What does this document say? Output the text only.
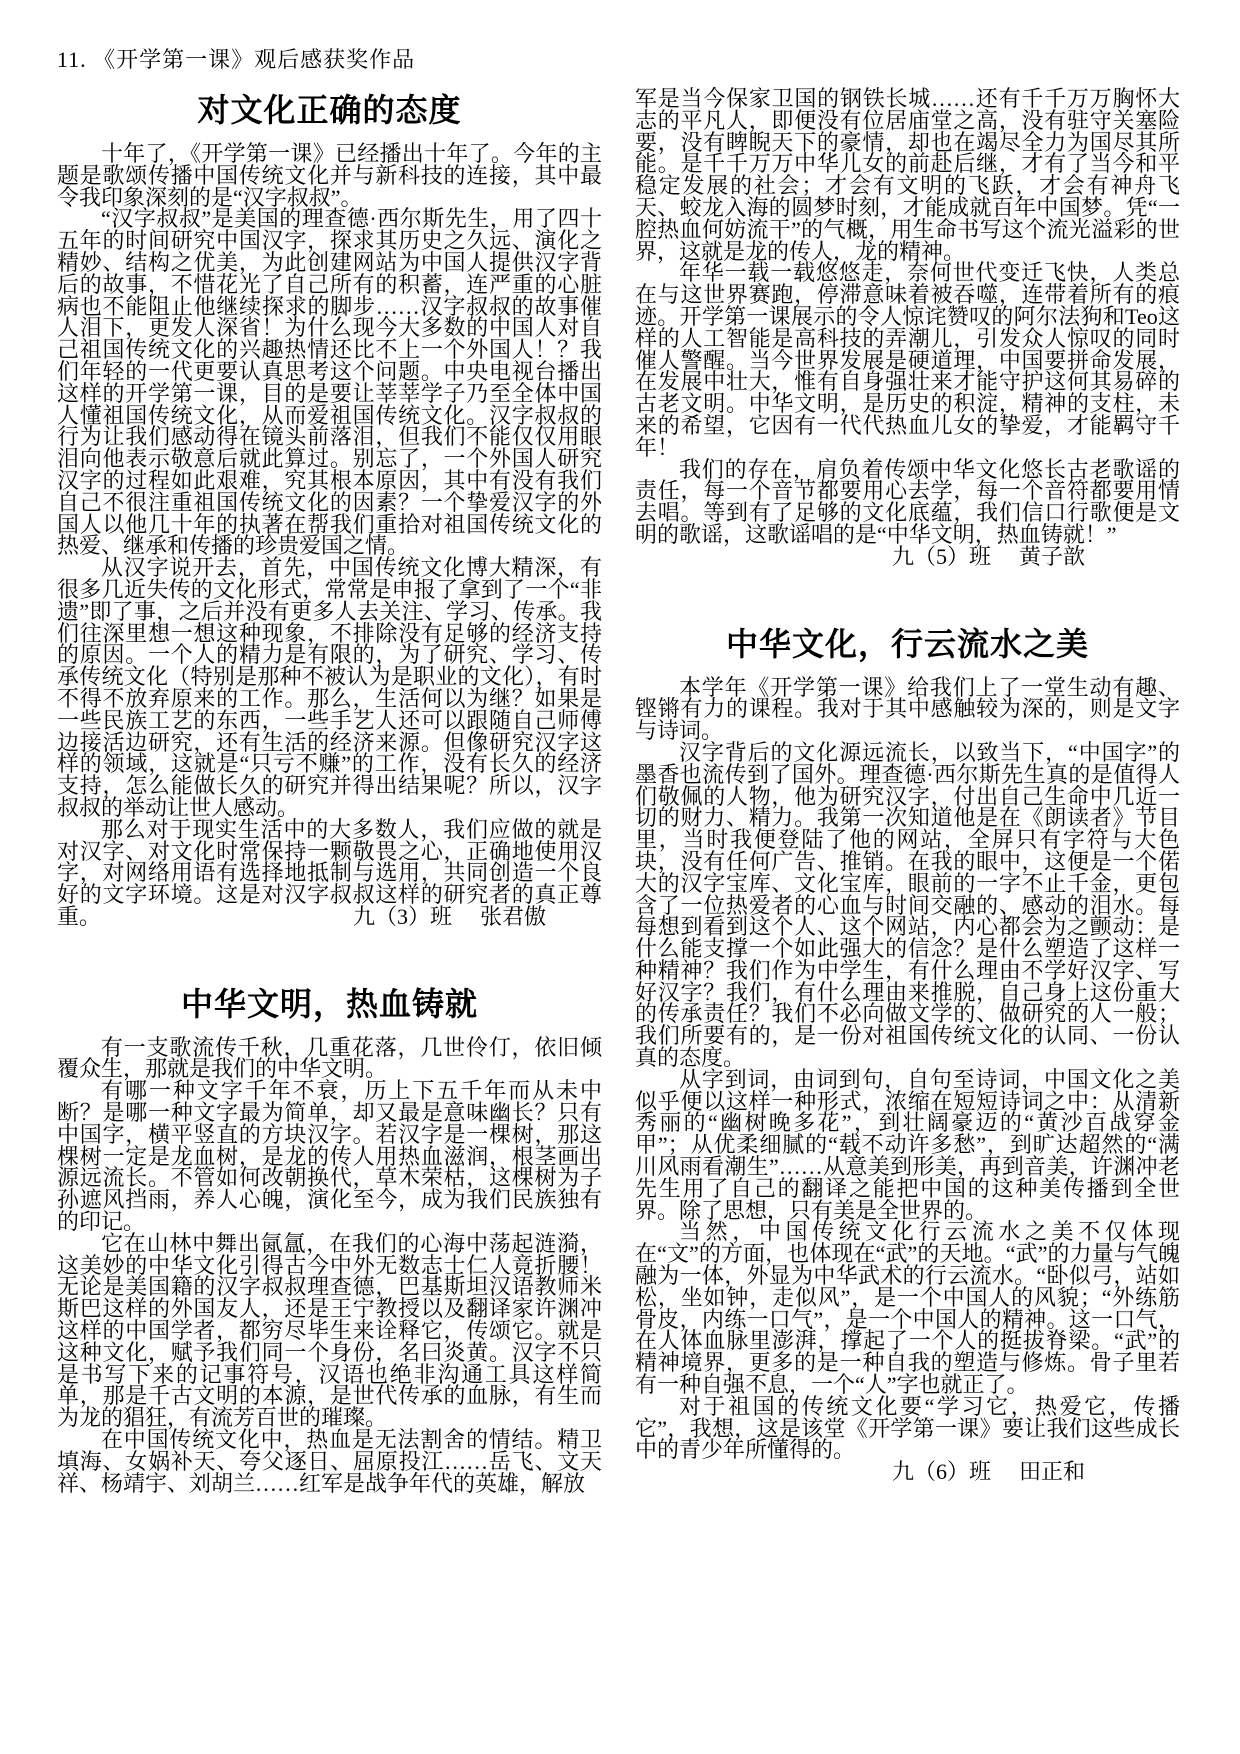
11. 《开学第一课》观后感获奖作品
对文化正确的态度

十年了，《开学第一课》已经播出十年了。今年的主题是歌颂传播中国传统文化并与新科技的连接，其中最令我印象深刻的是“汉字叔叔”。

“汉字叔叔”是美国的理查德·西尔斯先生，用了四十五年的时间研究中国汉字，探求其历史之久远、演化之精妙、结构之优美，为此创建网站为中国人提供汉字背后的故事，不惜花光了自己所有的积蓄，连严重的心脏病也不能阻止他继续探求的脚步……汉字叔叔的故事催人泪下，更发人深省！为什么现今大多数的中国人对自己祖国传统文化的兴趣热情还比不上一个外国人！？我们年轻的一代更要认真思考这个问题。中央电视台播出这样的开学第一课，目的是要让莘莘学子乃至全体中国人懂祖国传统文化，从而爱祖国传统文化。汉字叔叔的行为让我们感动得在镜头前落泪，但我们不能仅仅用眼泪向他表示敬意后就此算过。别忘了，一个外国人研究汉字的过程如此艰难，究其根本原因，其中有没有我们自己不很注重祖国传统文化的因素？一个挚爱汉字的外国人以他几十年的执著在帮我们重拾对祖国传统文化的热爱、继承和传播的珍贵爱国之情。

从汉字说开去，首先，中国传统文化博大精深，有很多几近失传的文化形式，常常是申报了拿到了一个“非遗”即了事，之后并没有更多人去关注、学习、传承。我们往深里想一想这种现象，不排除没有足够的经济支持的原因。一个人的精力是有限的，为了研究、学习、传承传统文化（特别是那种不被认为是职业的文化），有时不得不放弃原来的工作。那么，生活何以为继？如果是一些民族工艺的东西，一些手艺人还可以跟随自己师傅边接活边研究，还有生活的经济来源。但像研究汉字这样的领域，这就是“只亏不赚”的工作，没有长久的经济支持，怎么能做长久的研究并得出结果呢？所以，汉字叔叔的举动让世人感动。

那么对于现实生活中的大多数人，我们应做的就是对汉字、对文化时常保持一颗敬畏之心，正确地使用汉字，对网络用语有选择地抵制与选用，共同创造一个良好的文字环境。这是对汉字叔叔这样的研究者的真正尊重。	九（3）班 张君傲

中华文明，热血铸就

有一支歌流传千秋，几重花落，几世伶仃，依旧倾覆众生，那就是我们的中华文明。

有哪一种文字千年不衰，历上下五千年而从未中断？是哪一种文字最为简单，却又最是意味幽长？只有中国字，横平竖直的方块汉字。若汉字是一棵树，那这棵树一定是龙血树，是龙的传人用热血滋润，根茎画出源远流长。不管如何改朝换代，草木荣枯，这棵树为子孙遮风挡雨，养人心魄，演化至今，成为我们民族独有的印记。

它在山林中舞出氤氲，在我们的心海中荡起涟漪，这美妙的中华文化引得古今中外无数志士仁人竟折腰！无论是美国籍的汉字叔叔理查德，巴基斯坦汉语教师米斯巴这样的外国友人，还是王宁教授以及翻译家许渊冲这样的中国学者，都穷尽毕生来诠释它，传颂它。就是这种文化，赋予我们同一个身份，名曰炎黄。汉字不只是书写下来的记事符号，汉语也绝非沟通工具这样简单，那是千古文明的本源，是世代传承的血脉，有生而为龙的猖狂，有流芳百世的璀璨。

在中国传统文化中，热血是无法割舍的情结。精卫填海、女娲补天、夸父逐日、屈原投江……岳飞、文天祥、杨靖宇、刘胡兰……红军是战争年代的英雄，解放

军是当今保家卫国的钢铁长城……还有千千万万胸怀大志的平凡人，即便没有位居庙堂之高，没有驻守关塞险要，没有睥睨天下的豪情，却也在竭尽全力为国尽其所能。是千千万万中华儿女的前赴后继，才有了当今和平稳定发展的社会；才会有文明的飞跃，才会有神舟飞天、蛟龙入海的圆梦时刻，才能成就百年中国梦。凭“一腔热血何妨流干”的气概，用生命书写这个流光溢彩的世界，这就是龙的传人，龙的精神。

年华一载一载悠悠走，奈何世代变迁飞快，人类总在与这世界赛跑，停滞意味着被吞噬，连带着所有的痕迹。开学第一课展示的令人惊诧赞叹的阿尔法狗和Teo这样的人工智能是高科技的弄潮儿，引发众人惊叹的同时催人警醒。当今世界发展是硬道理，中国要拼命发展，在发展中壮大，惟有自身强壮来才能守护这何其易碎的古老文明。中华文明，是历史的积淀，精神的支柱，未来的希望，它因有一代代热血儿女的挚爱，才能羁守千年！

我们的存在，肩负着传颂中华文化悠长古老歌谣的责任，每一个音节都要用心去学，每一个音符都要用情去唱。等到有了足够的文化底蕴，我们信口行歌便是文明的歌谣，这歌谣唱的是“中华文明，热血铸就！”

九（5）班 黄子歆
中华文化，行云流水之美

本学年《开学第一课》给我们上了一堂生动有趣、铿锵有力的课程。我对于其中感触较为深的，则是文字与诗词。

汉字背后的文化源远流长，以致当下，“中国字”的墨香也流传到了国外。理查德·西尔斯先生真的是值得人们敬佩的人物，他为研究汉字，付出自己生命中几近一切的财力、精力。我第一次知道他是在《朗读者》节目里，当时我便登陆了他的网站，全屏只有字符与大色块，没有任何广告、推销。在我的眼中，这便是一个偌大的汉字宝库、文化宝库，眼前的一字不止千金，更包含了一位热爱者的心血与时间交融的、感动的泪水。每每想到看到这个人、这个网站，内心都会为之颤动：是什么能支撑一个如此强大的信念？是什么塑造了这样一种精神？我们作为中学生，有什么理由不学好汉字、写好汉字？我们，有什么理由来推脱，自己身上这份重大的传承责任？我们不必向做文学的、做研究的人一般；我们所要有的，是一份对祖国传统文化的认同、一份认真的态度。

从字到词，由词到句，自句至诗词，中国文化之美似乎便以这样一种形式，浓缩在短短诗词之中：从清新秀丽的“幽树晚多花”，到壮阔豪迈的“黄沙百战穿金甲”；从优柔细腻的“载不动许多愁”，到旷达超然的“满川风雨看潮生”……从意美到形美，再到音美，许渊冲老先生用了自己的翻译之能把中国的这种美传播到全世界。除了思想，只有美是全世界的。

当然，中国传统文化行云流水之美不仅体现在“文”的方面，也体现在“武”的天地。“武”的力量与气魄融为一体，外显为中华武术的行云流水。“卧似弓，站如松，坐如钟，走似风”，是一个中国人的风貌；“外练筋骨皮，内练一口气”，是一个中国人的精神。这一口气，在人体血脉里澎湃，撑起了一个人的挺拔脊梁。“武”的精神境界，更多的是一种自我的塑造与修炼。骨子里若有一种自强不息，一个“人”字也就正了。

对于祖国的传统文化要“学习它，热爱它，传播它”，我想，这是该堂《开学第一课》要让我们这些成长中的青少年所懂得的。

九（6）班 田正和
